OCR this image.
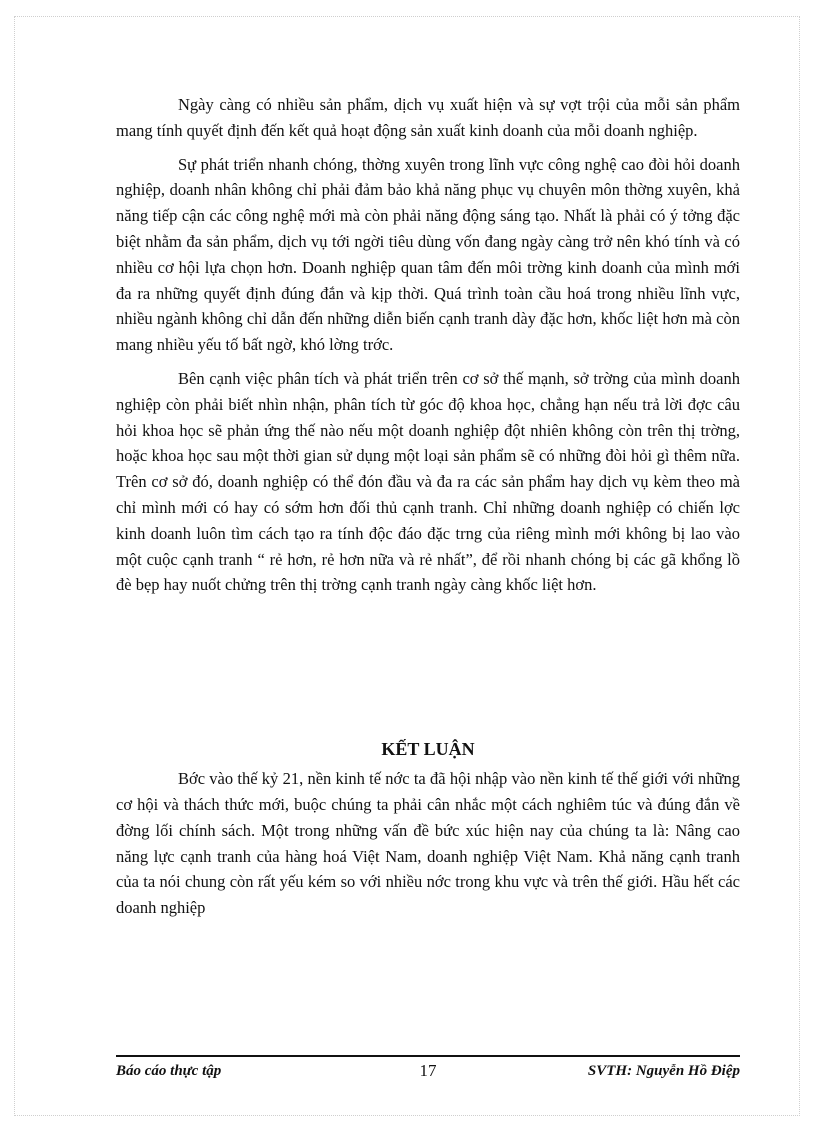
Ngày càng có nhiều sản phẩm, dịch vụ xuất hiện và sự vợt trội của mỗi sản phẩm mang tính quyết định đến kết quả hoạt động sản xuất kinh doanh của mỗi doanh nghiệp.

Sự phát triển nhanh chóng, thờng xuyên trong lĩnh vực công nghệ cao đòi hỏi doanh nghiệp, doanh nhân không chỉ phải đảm bảo khả năng phục vụ chuyên môn thờng xuyên, khả năng tiếp cận các công nghệ mới mà còn phải năng động sáng tạo. Nhất là phải có ý tởng đặc biệt nhằm đa sản phẩm, dịch vụ tới ngời tiêu dùng vốn đang ngày càng trở nên khó tính và có nhiều cơ hội lựa chọn hơn. Doanh nghiệp quan tâm đến môi trờng kinh doanh của mình mới đa ra những quyết định đúng đắn và kịp thời. Quá trình toàn cầu hoá trong nhiều lĩnh vực, nhiều ngành không chỉ dẫn đến những diễn biến cạnh tranh dày đặc hơn, khốc liệt hơn mà còn mang nhiều yếu tố bất ngờ, khó lờng trớc.

Bên cạnh việc phân tích và phát triển trên cơ sở thế mạnh, sở trờng của mình doanh nghiệp còn phải biết nhìn nhận, phân tích từ góc độ khoa học, chẳng hạn nếu trả lời đợc câu hỏi khoa học sẽ phản ứng thế nào nếu một doanh nghiệp đột nhiên không còn trên thị trờng, hoặc khoa học sau một thời gian sử dụng một loại sản phẩm sẽ có những đòi hỏi gì thêm nữa. Trên cơ sở đó, doanh nghiệp có thể đón đầu và đa ra các sản phẩm hay dịch vụ kèm theo mà chỉ mình mới có hay có sớm hơn đối thủ cạnh tranh. Chỉ những doanh nghiệp có chiến lợc kinh doanh luôn tìm cách tạo ra tính độc đáo đặc trng của riêng mình mới không bị lao vào một cuộc cạnh tranh “ rẻ hơn, rẻ hơn nữa và rẻ nhất”, để rồi nhanh chóng bị các gã khổng lồ đè bẹp hay nuốt chửng trên thị trờng cạnh tranh ngày càng khốc liệt hơn.

KẾT LUẬN

Bớc vào thế kỷ 21, nền kinh tế nớc ta đã hội nhập vào nền kinh tế thế giới với những cơ hội và thách thức mới, buộc chúng ta phải cân nhắc một cách nghiêm túc và đúng đắn về đờng lối chính sách. Một trong những vấn đề bức xúc hiện nay của chúng ta là: Nâng cao năng lực cạnh tranh của hàng hoá Việt Nam, doanh nghiệp Việt Nam. Khả năng cạnh tranh của ta nói chung còn rất yếu kém so với nhiều nớc trong khu vực và trên thế giới. Hầu hết các doanh nghiệp

Báo cáo thực tập	17	SVTH: Nguyễn Hồ Điệp
